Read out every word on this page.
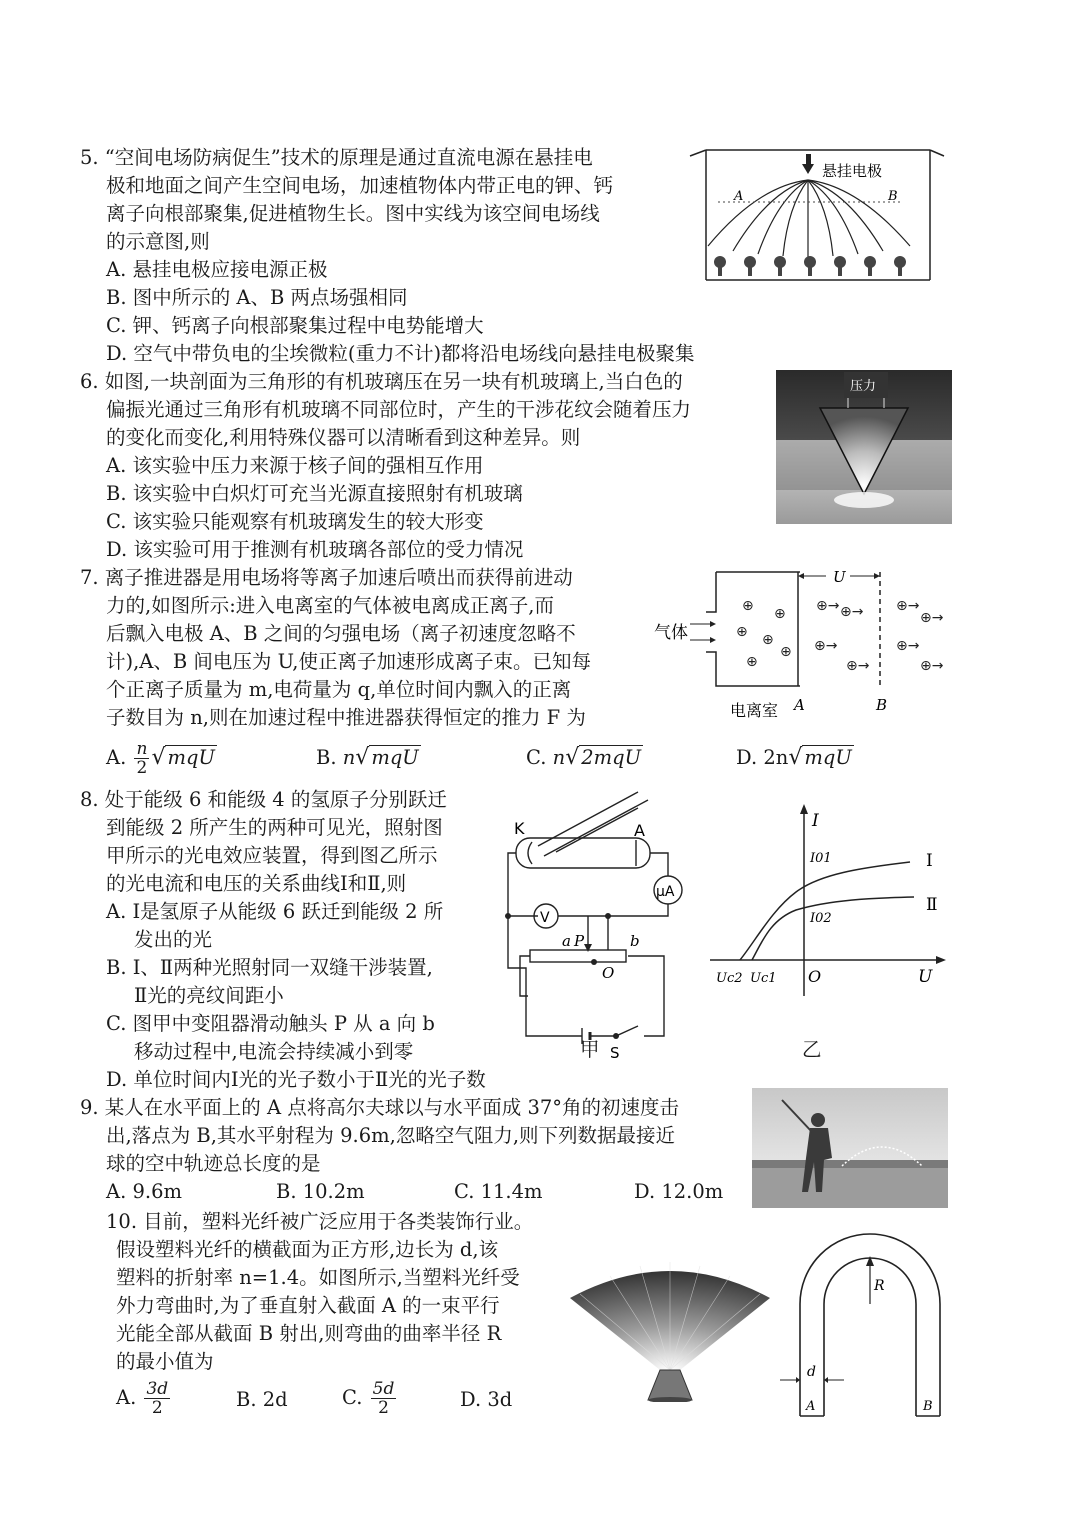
5. “空间电场防病促生”技术的原理是通过直流电源在悬挂电
极和地面之间产生空间电场，加速植物体内带正电的钾、钙
离子向根部聚集,促进植物生长。图中实线为该空间电场线
的示意图,则
A. 悬挂电极应接电源正极
B. 图中所示的 A、B 两点场强相同
C. 钾、钙离子向根部聚集过程中电势能增大
D. 空气中带负电的尘埃微粒(重力不计)都将沿电场线向悬挂电极聚集
悬挂电极
A	B
6. 如图,一块剖面为三角形的有机玻璃压在另一块有机玻璃上,当白色的
偏振光通过三角形有机玻璃不同部位时，产生的干涉花纹会随着压力
的变化而变化,利用特殊仪器可以清晰看到这种差异。则
A. 该实验中压力来源于核子间的强相互作用
B. 该实验中白炽灯可充当光源直接照射有机玻璃
C. 该实验只能观察有机玻璃发生的较大形变
D. 该实验可用于推测有机玻璃各部位的受力情况
压力
7. 离子推进器是用电场将等离子加速后喷出而获得前进动
力的,如图所示:进入电离室的气体被电离成正离子,而
后飘入电极 A、B 之间的匀强电场（离子初速度忽略不
计),A、B 间电压为 U,使正离子加速形成离子束。已知每
个正离子质量为 m,电荷量为 q,单位时间内飘入的正离
子数目为 n,则在加速过程中推进器获得恒定的推力 F 为
A. $\frac{n}{2}$ √ mqU	B. n√ mqU	C. n√ 2mqU	D. 2n√ mqU
气体
⊕ ⊕
⊕ ⊕
⊕
⊕
⊕→ ⊕→
⊕→
⊕→
⊕→
⊕→
⊕→
⊕→
U
电离室 A	B
8. 处于能级 6 和能级 4 的氢原子分别跃迁
到能级 2 所产生的两种可见光，照射图
甲所示的光电效应装置，得到图乙所示
的光电流和电压的关系曲线Ⅰ和Ⅱ,则
A. Ⅰ是氢原子从能级 6 跃迁到能级 2 所
发出的光
B. Ⅰ、Ⅱ两种光照射同一双缝干涉装置,
Ⅱ光的亮纹间距小
C. 图甲中变阻器滑动触头 P 从 a 向 b
移动过程中,电流会持续减小到零
D. 单位时间内Ⅰ光的光子数小于Ⅱ光的光子数
K	A
μA
V
a P	b
O
S
甲
I
U
O
I01
I02
Uc2 Uc1
Ⅰ
Ⅱ
乙
9. 某人在水平面上的 A 点将高尔夫球以与水平面成 37°角的初速度击
出,落点为 B,其水平射程为 9.6m,忽略空气阻力,则下列数据最接近
球的空中轨迹总长度的是
A. 9.6m	B. 10.2m	C. 11.4m	D. 12.0m
10. 目前，塑料光纤被广泛应用于各类装饰行业。
假设塑料光纤的横截面为正方形,边长为 d,该
塑料的折射率 n=1.4。如图所示,当塑料光纤受
外力弯曲时,为了垂直射入截面 A 的一束平行
光能全部从截面 B 射出,则弯曲的曲率半径 R
的最小值为
A. $\frac{3d}{2}$	B. 2d	C. $\frac{5d}{2}$	D. 3d
R
d
A	B
